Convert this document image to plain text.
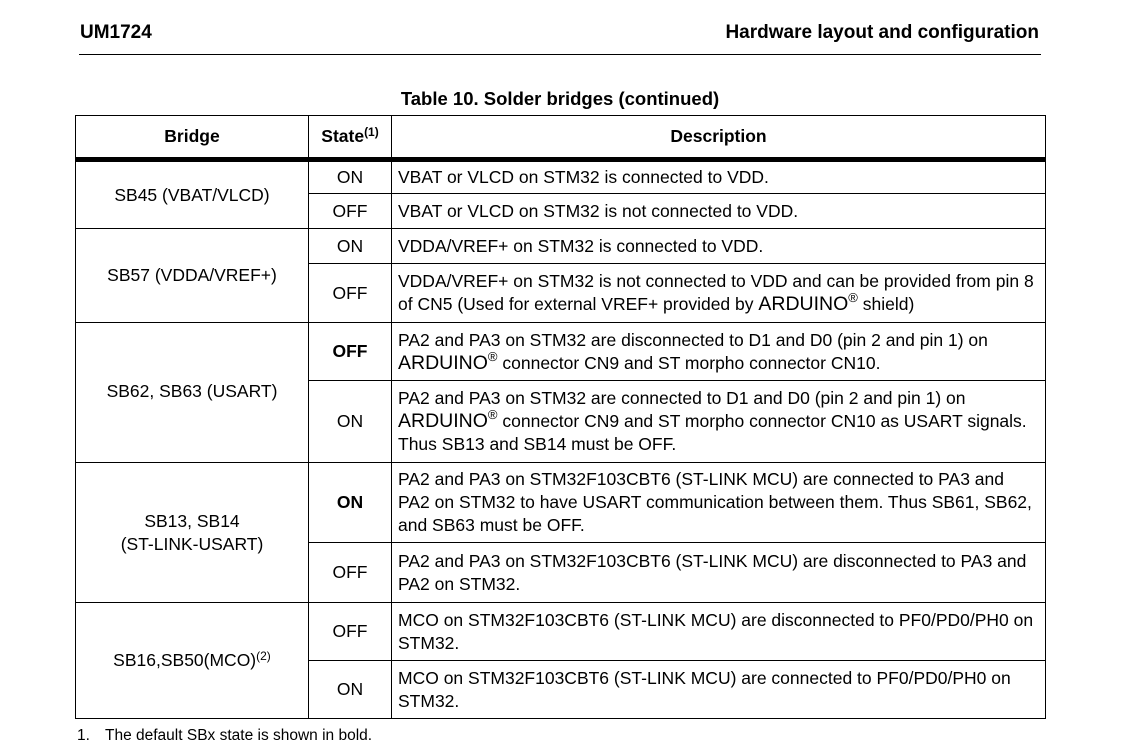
UM1724	Hardware layout and configuration
Table 10. Solder bridges (continued)
Bridge	State$^{(1)}$	Description
SB45 (VBAT/VLCD)	ON	VBAT or VLCD on STM32 is connected to VDD.
	OFF	VBAT or VLCD on STM32 is not connected to VDD.
SB57 (VDDA/VREF+)	ON	VDDA/VREF+ on STM32 is connected to VDD.
	OFF	VDDA/VREF+ on STM32 is not connected to VDD and can be provided from pin 8 of CN5 (Used for external VREF+ provided by ARDUINO® shield)
SB62, SB63 (USART)	OFF	PA2 and PA3 on STM32 are disconnected to D1 and D0 (pin 2 and pin 1) on ARDUINO® connector CN9 and ST morpho connector CN10.
	ON	PA2 and PA3 on STM32 are connected to D1 and D0 (pin 2 and pin 1) on ARDUINO® connector CN9 and ST morpho connector CN10 as USART signals. Thus SB13 and SB14 must be OFF.

SB13, SB14
(ST-LINK-USART)	ON	PA2 and PA3 on STM32F103CBT6 (ST-LINK MCU) are connected to PA3 and PA2 on STM32 to have USART communication between them. Thus SB61, SB62, and SB63 must be OFF.
	OFF	PA2 and PA3 on STM32F103CBT6 (ST-LINK MCU) are disconnected to PA3 and PA2 on STM32.
SB16,SB50(MCO)$^{(2)}$	OFF	MCO on STM32F103CBT6 (ST-LINK MCU) are disconnected to PF0/PD0/PH0 on STM32.
	ON	MCO on STM32F103CBT6 (ST-LINK MCU) are connected to PF0/PD0/PH0 on STM32.
1. The default SBx state is shown in bold.
